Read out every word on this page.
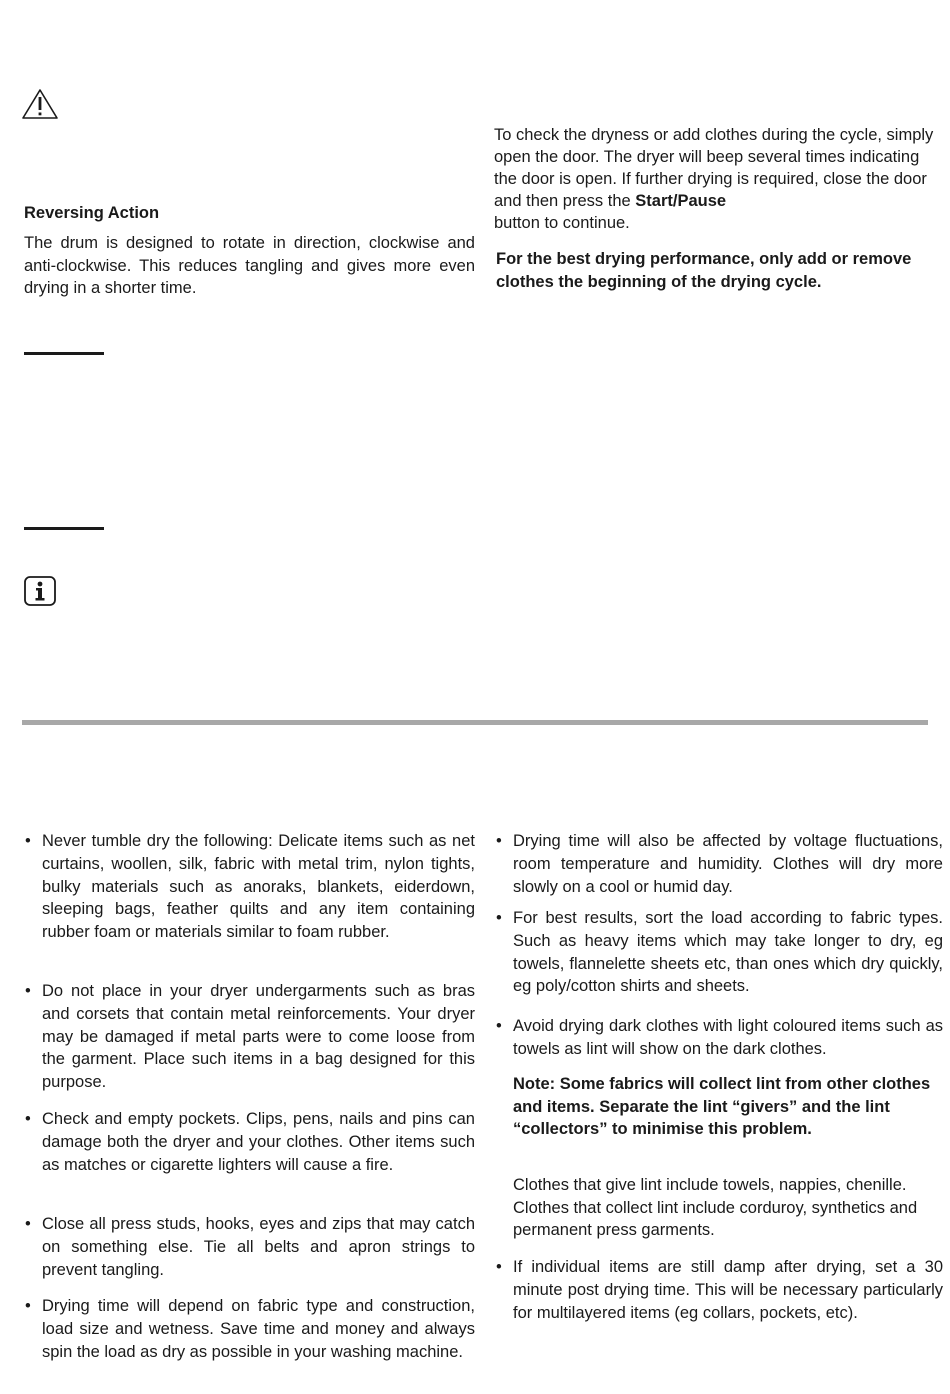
Reversing Action

The drum is designed to rotate in direction, clockwise and anti-clockwise. This reduces tangling and gives more even drying in a shorter time.

To check the dryness or add clothes during the cycle, simply open the door. The dryer will beep several times indicating the door is open. If further drying is required, close the door and then press the Start/Pause
button to continue.

For the best drying performance, only add or remove clothes the beginning of the drying cycle.

• Never tumble dry the following: Delicate items such as net curtains, woollen, silk, fabric with metal trim, nylon tights, bulky materials such as anoraks, blankets, eiderdown, sleeping bags, feather quilts and any item containing rubber foam or materials similar to foam rubber.
• Do not place in your dryer undergarments such as bras and corsets that contain metal reinforcements. Your dryer may be damaged if metal parts were to come loose from the garment. Place such items in a bag designed for this purpose.
• Check and empty pockets. Clips, pens, nails and pins can damage both the dryer and your clothes. Other items such as matches or cigarette lighters will cause a fire.
• Close all press studs, hooks, eyes and zips that may catch on something else. Tie all belts and apron strings to prevent tangling.
• Drying time will depend on fabric type and construction, load size and wetness. Save time and money and always spin the load as dry as possible in your washing machine.
• Drying time will also be affected by voltage fluctuations, room temperature and humidity. Clothes will dry more slowly on a cool or humid day.
• For best results, sort the load according to fabric types. Such as heavy items which may take longer to dry, eg towels, flannelette sheets etc, than ones which dry quickly, eg poly/cotton shirts and sheets.
• Avoid drying dark clothes with light coloured items such as towels as lint will show on the dark clothes.

Note: Some fabrics will collect lint from other clothes and items. Separate the lint “givers” and the lint “collectors” to minimise this problem.

Clothes that give lint include towels, nappies, chenille. Clothes that collect lint include corduroy, synthetics and permanent press garments.

• If individual items are still damp after drying, set a 30 minute post drying time. This will be necessary particularly for multilayered items (eg collars, pockets, etc).
